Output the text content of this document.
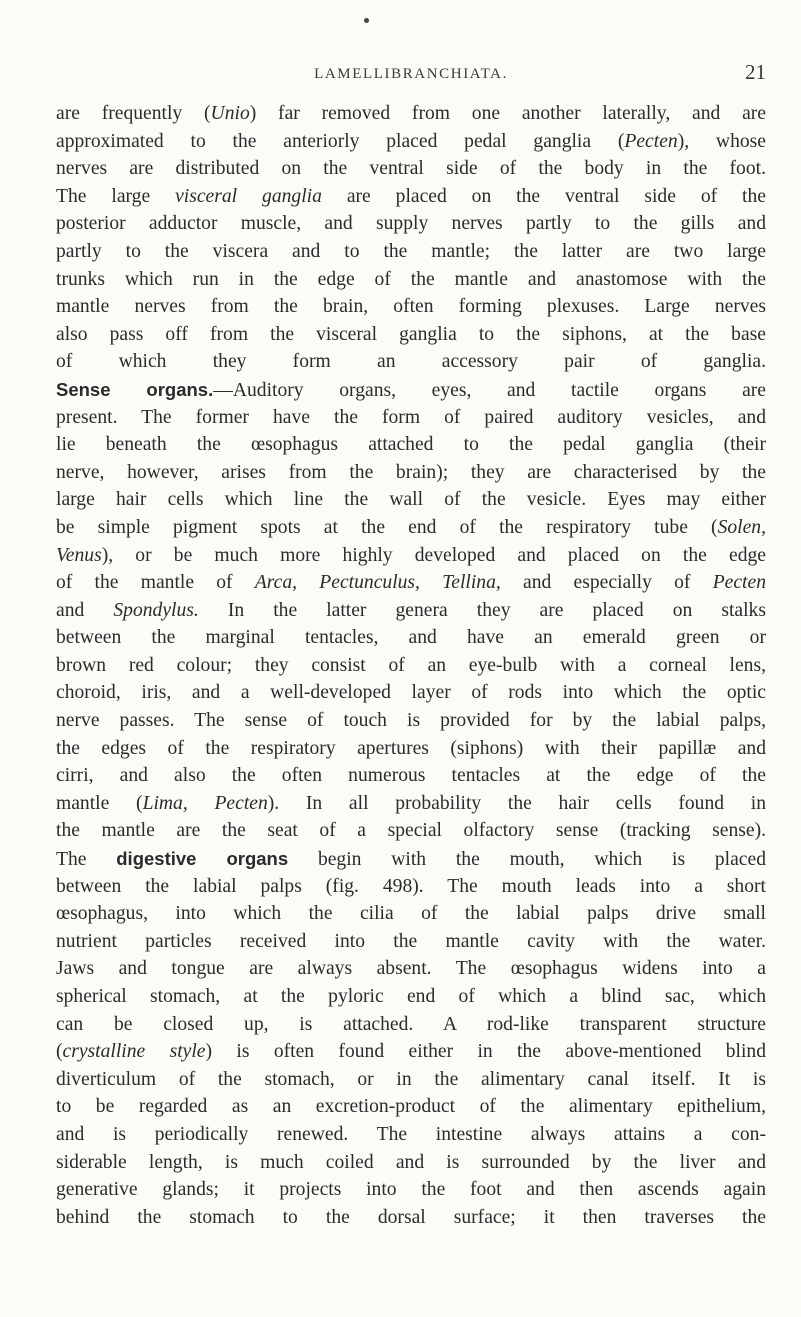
LAMELLIBRANCHIATA.	21
are frequently (Unio) far removed from one another laterally, and are
approximated to the anteriorly placed pedal ganglia (Pecten), whose
nerves are distributed on the ventral side of the body in the foot.
The large visceral ganglia are placed on the ventral side of the
posterior adductor muscle, and supply nerves partly to the gills and
partly to the viscera and to the mantle; the latter are two large
trunks which run in the edge of the mantle and anastomose with the
mantle nerves from the brain, often forming plexuses. Large nerves
also pass off from the visceral ganglia to the siphons, at the base
of which they form an accessory pair of ganglia.
Sense organs.—Auditory organs, eyes, and tactile organs are
present. The former have the form of paired auditory vesicles, and
lie beneath the œsophagus attached to the pedal ganglia (their
nerve, however, arises from the brain); they are characterised by the
large hair cells which line the wall of the vesicle. Eyes may either
be simple pigment spots at the end of the respiratory tube (Solen,
Venus), or be much more highly developed and placed on the edge
of the mantle of Arca, Pectunculus, Tellina, and especially of Pecten
and Spondylus. In the latter genera they are placed on stalks
between the marginal tentacles, and have an emerald green or
brown red colour; they consist of an eye-bulb with a corneal lens,
choroid, iris, and a well-developed layer of rods into which the optic
nerve passes. The sense of touch is provided for by the labial palps,
the edges of the respiratory apertures (siphons) with their papillæ and
cirri, and also the often numerous tentacles at the edge of the
mantle (Lima, Pecten). In all probability the hair cells found in
the mantle are the seat of a special olfactory sense (tracking sense).
The digestive organs begin with the mouth, which is placed
between the labial palps (fig. 498). The mouth leads into a short
œsophagus, into which the cilia of the labial palps drive small
nutrient particles received into the mantle cavity with the water.
Jaws and tongue are always absent. The œsophagus widens into a
spherical stomach, at the pyloric end of which a blind sac, which
can be closed up, is attached. A rod-like transparent structure
(crystalline style) is often found either in the above-mentioned blind
diverticulum of the stomach, or in the alimentary canal itself. It is
to be regarded as an excretion-product of the alimentary epithelium,
and is periodically renewed. The intestine always attains a con-
siderable length, is much coiled and is surrounded by the liver and
generative glands; it projects into the foot and then ascends again
behind the stomach to the dorsal surface; it then traverses the
